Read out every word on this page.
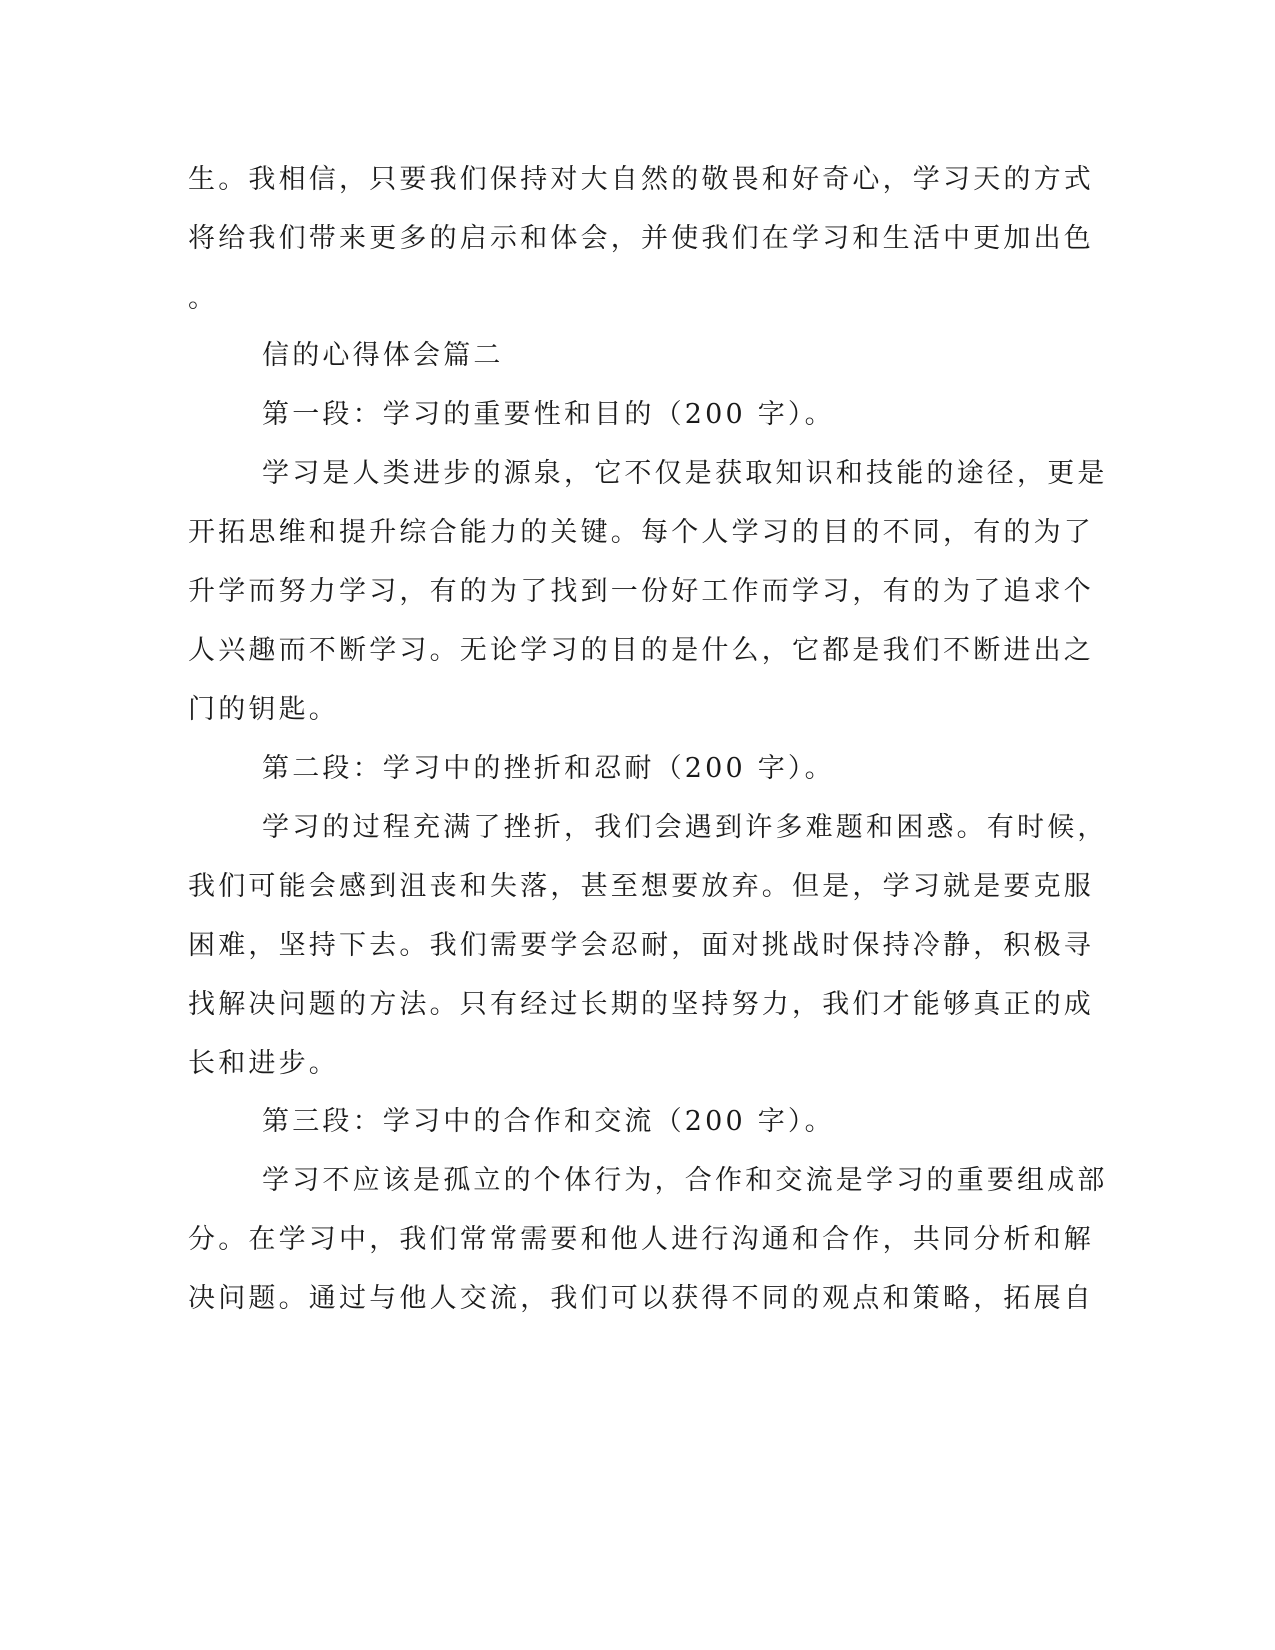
生。我相信，只要我们保持对大自然的敬畏和好奇心，学习天的方式
将给我们带来更多的启示和体会，并使我们在学习和生活中更加出色
。
信的心得体会篇二
第一段：学习的重要性和目的（200 字）。
学习是人类进步的源泉，它不仅是获取知识和技能的途径，更是
开拓思维和提升综合能力的关键。每个人学习的目的不同，有的为了
升学而努力学习，有的为了找到一份好工作而学习，有的为了追求个
人兴趣而不断学习。无论学习的目的是什么，它都是我们不断进出之
门的钥匙。
第二段：学习中的挫折和忍耐（200 字）。
学习的过程充满了挫折，我们会遇到许多难题和困惑。有时候，
我们可能会感到沮丧和失落，甚至想要放弃。但是，学习就是要克服
困难，坚持下去。我们需要学会忍耐，面对挑战时保持冷静，积极寻
找解决问题的方法。只有经过长期的坚持努力，我们才能够真正的成
长和进步。
第三段：学习中的合作和交流（200 字）。
学习不应该是孤立的个体行为，合作和交流是学习的重要组成部
分。在学习中，我们常常需要和他人进行沟通和合作，共同分析和解
决问题。通过与他人交流，我们可以获得不同的观点和策略，拓展自
